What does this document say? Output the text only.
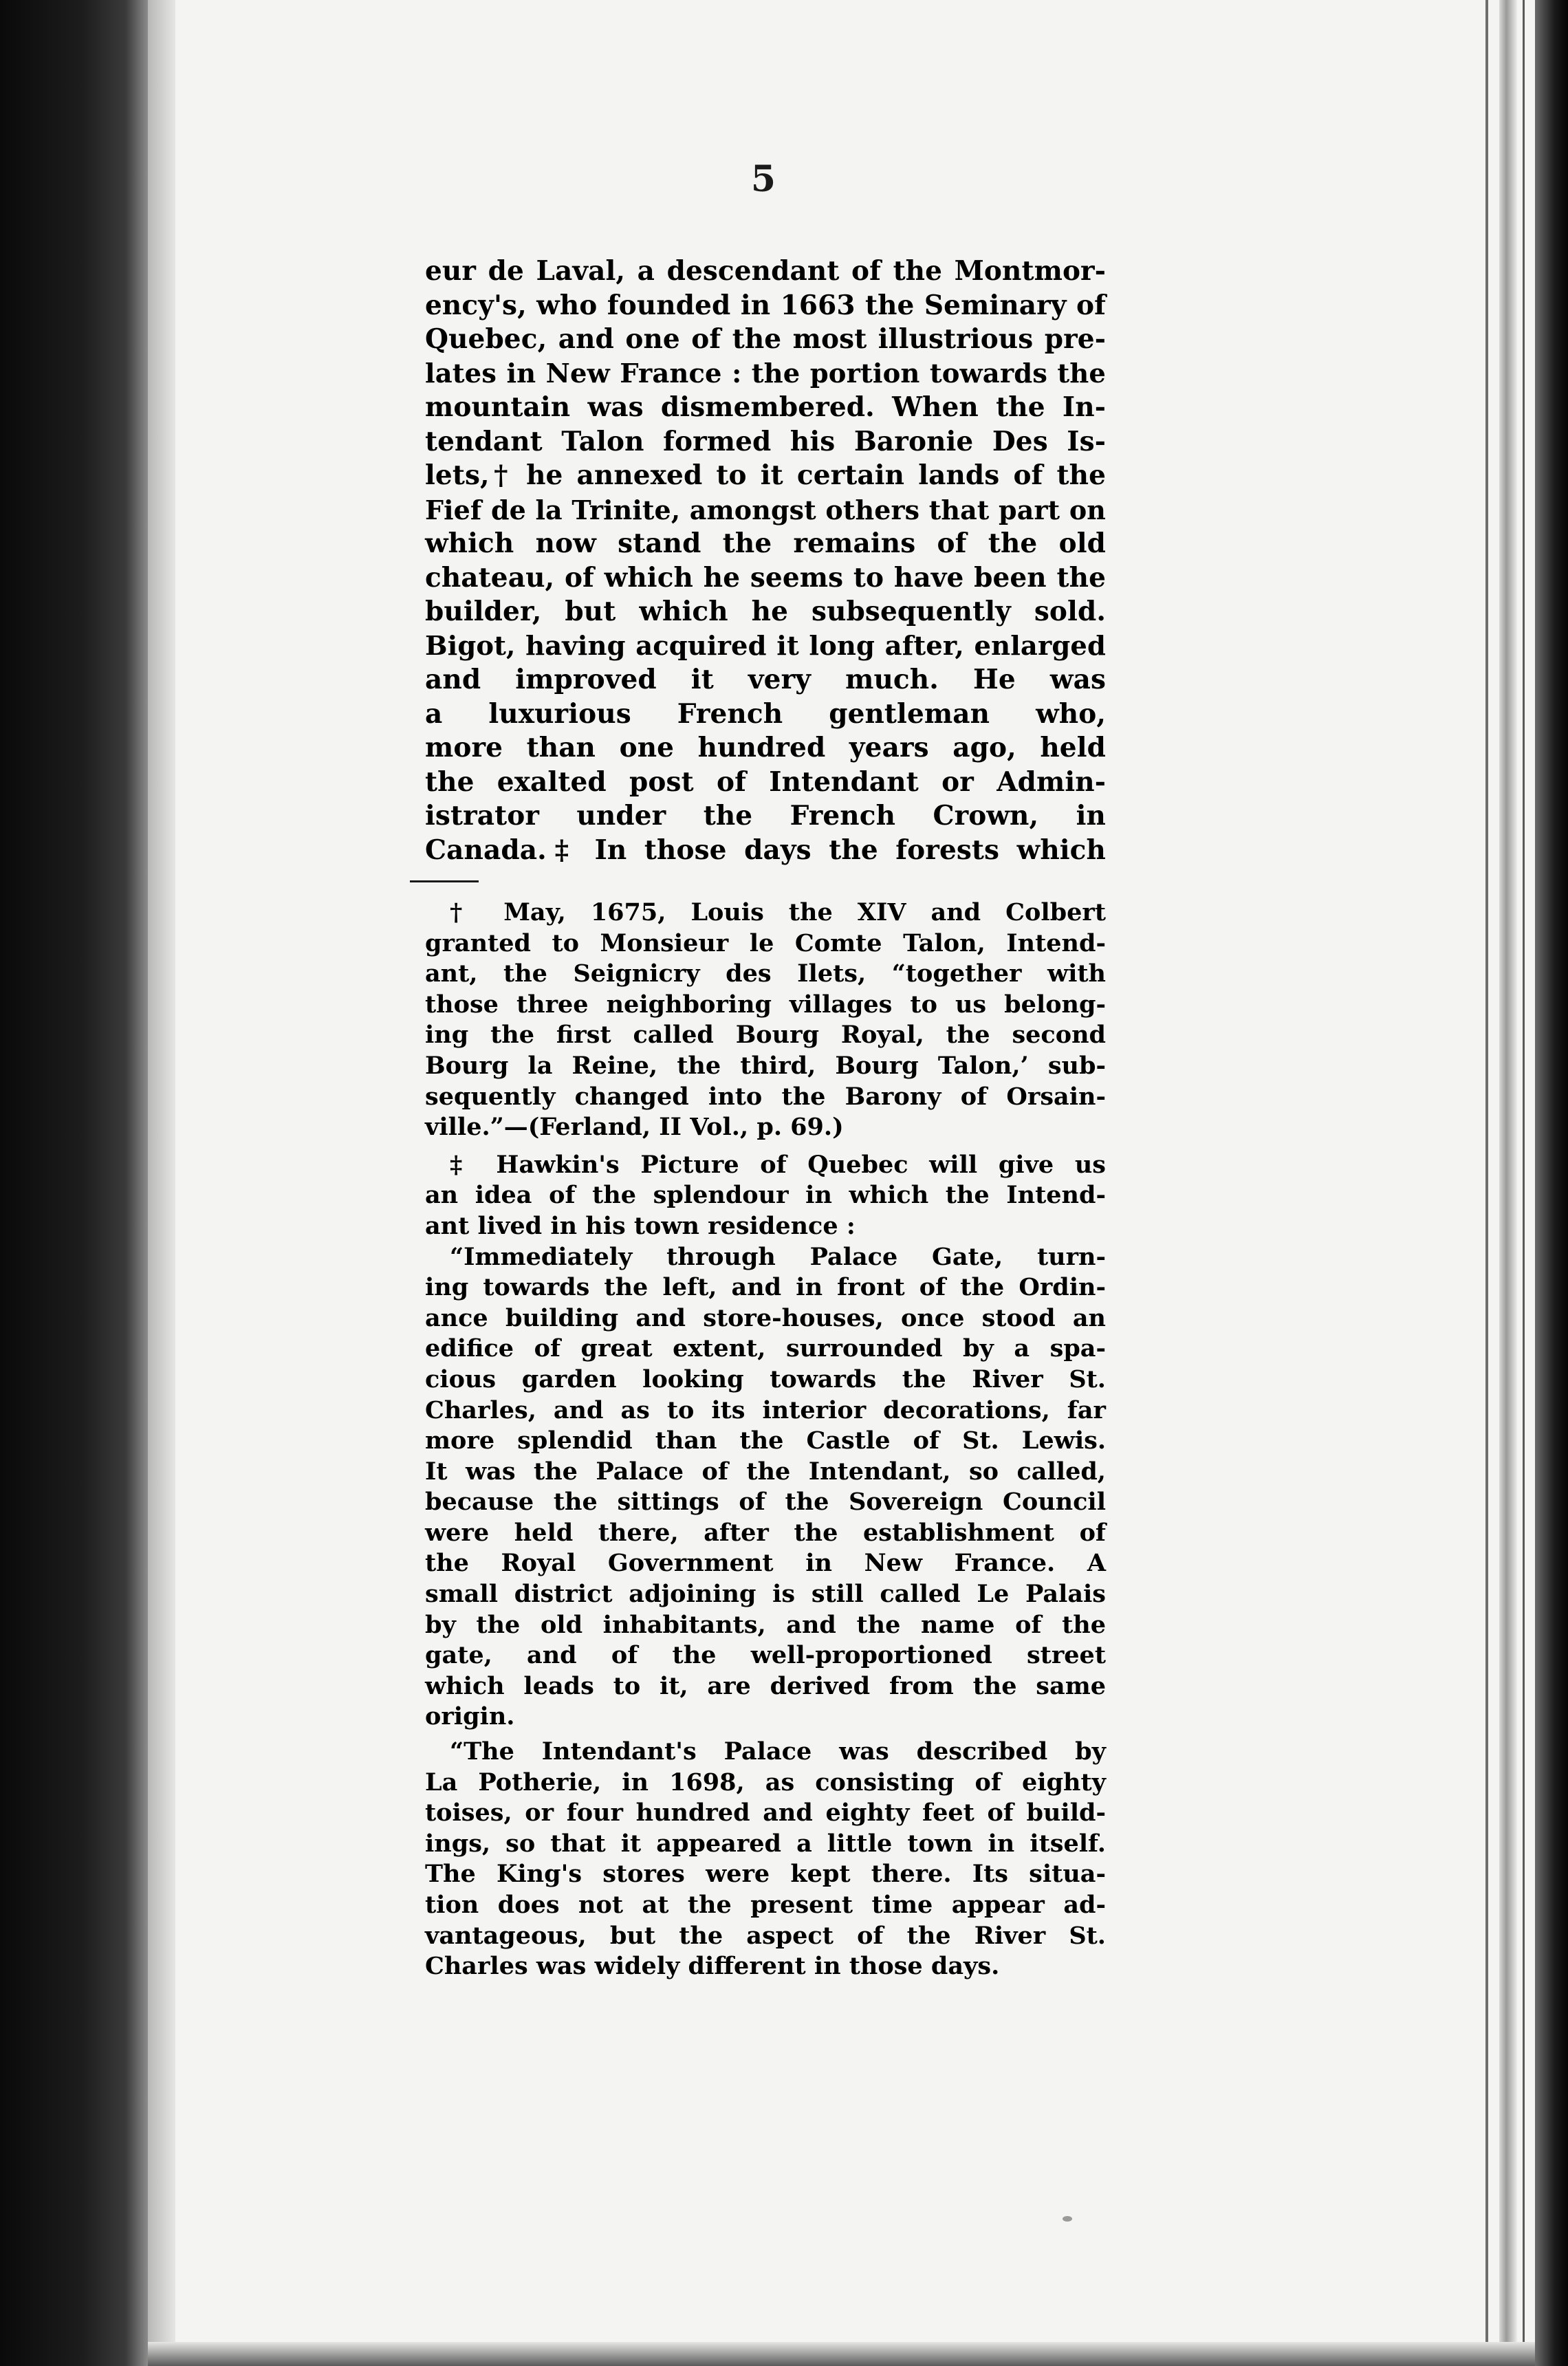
5
eur de Laval, a descendant of the Montmor-
ency's, who founded in 1663 the Seminary of
Quebec, and one of the most illustrious pre-
lates in New France : the portion towards the
mountain was dismembered. When the In-
tendant Talon formed his Baronie Des Is-
lets,† he annexed to it certain lands of the
Fief de la Trinite, amongst others that part on
which now stand the remains of the old
chateau, of which he seems to have been the
builder, but which he subsequently sold.
Bigot, having acquired it long after, enlarged
and improved it very much. He was
a luxurious French gentleman who,
more than one hundred years ago, held
the exalted post of Intendant or Admin-
istrator under the French Crown, in
Canada.‡ In those days the forests which
† May, 1675, Louis the XIV and Colbert
granted to Monsieur le Comte Talon, Intend-
ant, the Seignicry des Ilets, “together with
those three neighboring villages to us belong-
ing the first called Bourg Royal, the second
Bourg la Reine, the third, Bourg Talon,’ sub-
sequently changed into the Barony of Orsain-
ville.”—(Ferland, II Vol., p. 69.)
‡ Hawkin's Picture of Quebec will give us
an idea of the splendour in which the Intend-
ant lived in his town residence :
“Immediately through Palace Gate, turn-
ing towards the left, and in front of the Ordin-
ance building and store-houses, once stood an
edifice of great extent, surrounded by a spa-
cious garden looking towards the River St.
Charles, and as to its interior decorations, far
more splendid than the Castle of St. Lewis.
It was the Palace of the Intendant, so called,
because the sittings of the Sovereign Council
were held there, after the establishment of
the Royal Government in New France. A
small district adjoining is still called Le Palais
by the old inhabitants, and the name of the
gate, and of the well-proportioned street
which leads to it, are derived from the same
origin.
“The Intendant's Palace was described by
La Potherie, in 1698, as consisting of eighty
toises, or four hundred and eighty feet of build-
ings, so that it appeared a little town in itself.
The King's stores were kept there. Its situa-
tion does not at the present time appear ad-
vantageous, but the aspect of the River St.
Charles was widely different in those days.
